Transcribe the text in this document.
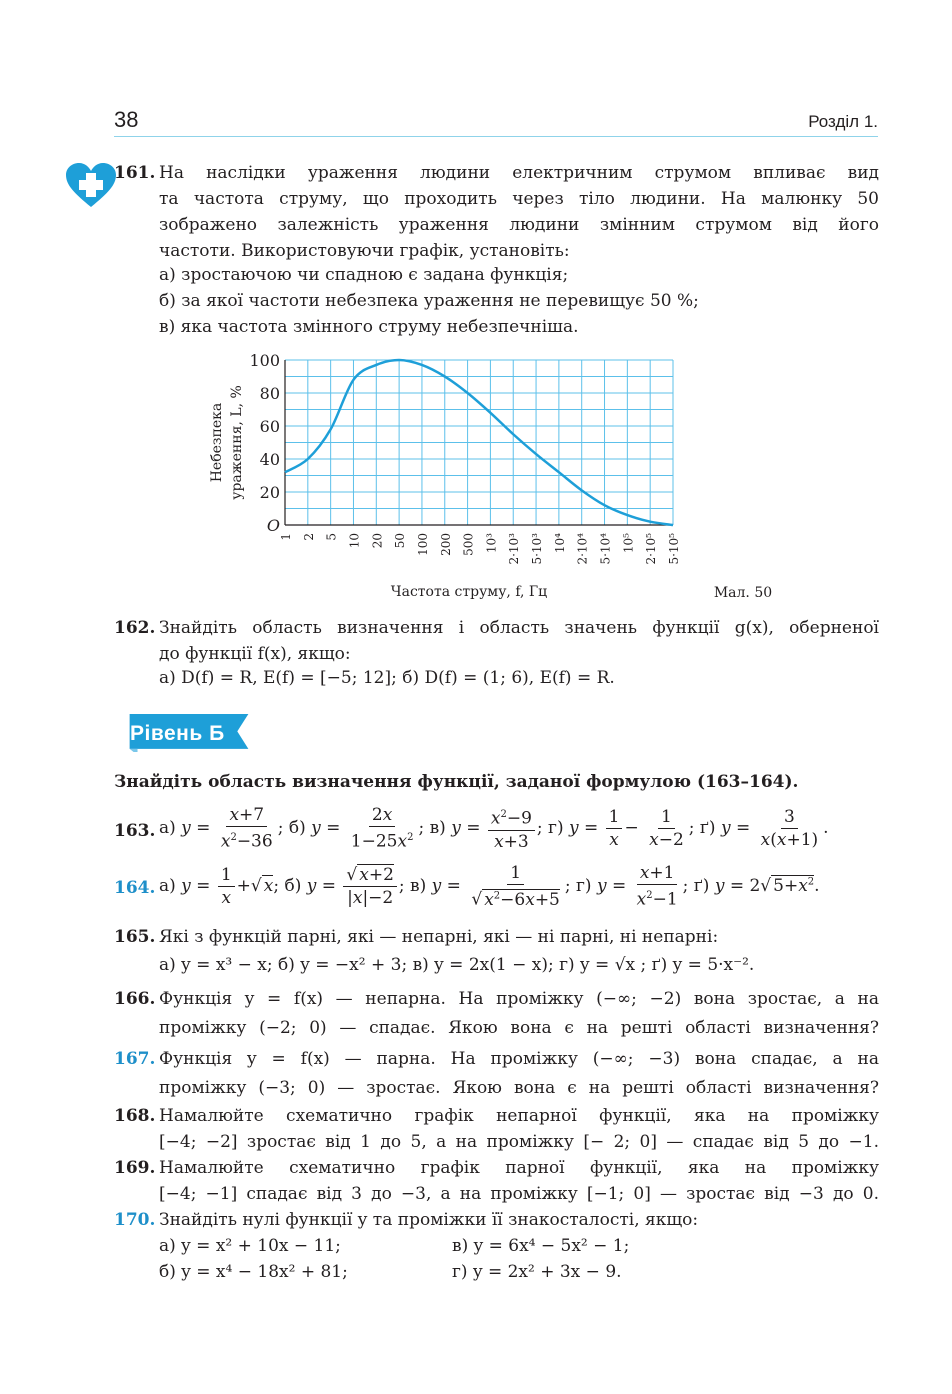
38	Розділ 1.
161. На наслідки ураження людини електричним струмом впливає вид
та частота струму, що проходить через тіло людини. На малюнку 50
зображено залежність ураження людини змінним струмом від його
частоти. Використовуючи графік, установіть:
а) зростаючою чи спадною є задана функція;
б) за якої частоти небезпека ураження не перевищує 50 %;
в) яка частота змінного струму небезпечніша.
20
40
60
80
100
O
1 2 5 10 20 50 100 200 500 10³ 2·10³ 5·10³ 10⁴ 2·10⁴ 5·10⁴ 10⁵ 2·10⁵ 5·10⁵
Небезпека ураження, L, %
Частота струму, f, Гц	Мал. 50
162. Знайдіть область визначення і область значень функції g(x), оберненої
до функції f(x), якщо:
а) D(f) = R, E(f) = [−5; 12]; б) D(f) = (1; 6), E(f) = R.
Рівень Б
Знайдіть область визначення функції, заданої формулою (163–164).
163. а) $y = \frac{x+7}{x^2-36}$ ; б) $y = \frac{2x}{1-25x^2}$ ; в) $y = \frac{x^2-9}{x+3}$ ; г) $y = \frac{1}{x} - \frac{1}{x-2}$ ; ґ) $y = \frac{3}{x(x+1)}$ .
164. а) $y = \frac{1}{x}$ +√ x; б) $y = \frac{√ x+2}{|x|-2}$ ; в) $y = \frac{1}{√ x^2-6x+5}$ ; г) $y = \frac{x+1}{x^2-1}$ ; ґ) y = 2√ $5+x^2$.
165. Які з функцій парні, які — непарні, які — ні парні, ні непарні:
а) y = x³ − x; б) y = −x² + 3; в) y = 2x(1 − x); г) y = √x ; ґ) y = 5·x⁻².
166. Функція y = f(x) — непарна. На проміжку (−∞; −2) вона зростає, а на
проміжку (−2; 0) — спадає. Якою вона є на решті області визначення?
167. Функція y = f(x) — парна. На проміжку (−∞; −3) вона спадає, а на
проміжку (−3; 0) — зростає. Якою вона є на решті області визначення?
168. Намалюйте схематично графік непарної функції, яка на проміжку
[−4; −2] зростає від 1 до 5, а на проміжку [− 2; 0] — спадає від 5 до −1.
169. Намалюйте схематично графік парної функції, яка на проміжку
[−4; −1] спадає від 3 до −3, а на проміжку [−1; 0] — зростає від −3 до 0.
170. Знайдіть нулі функції y та проміжки її знакосталості, якщо:
а) y = x² + 10x − 11;	в) y = 6x⁴ − 5x² − 1;
б) y = x⁴ − 18x² + 81;	г) y = 2x² + 3x − 9.
